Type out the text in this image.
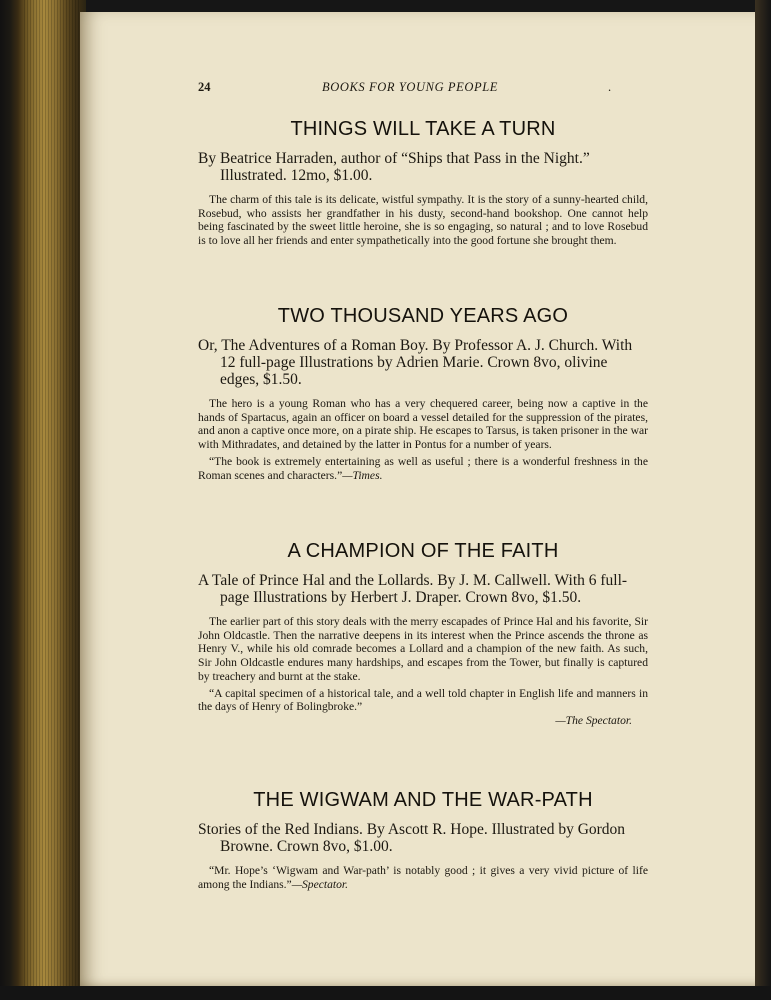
24	BOOKS FOR YOUNG PEOPLE	.
THINGS WILL TAKE A TURN
By Beatrice Harraden, author of “Ships that Pass in the Night.” Illustrated. 12mo, $1.00.

The charm of this tale is its delicate, wistful sympathy. It is the story of a sunny-hearted child, Rosebud, who assists her grandfather in his dusty, second-hand bookshop. One cannot help being fascinated by the sweet little heroine, she is so engaging, so natural ; and to love Rosebud is to love all her friends and enter sympathetically into the good fortune she brought them.

TWO THOUSAND YEARS AGO
Or, The Adventures of a Roman Boy. By Professor A. J. Church. With 12 full-page Illustrations by Adrien Marie. Crown 8vo, olivine edges, $1.50.

The hero is a young Roman who has a very chequered career, being now a captive in the hands of Spartacus, again an officer on board a vessel detailed for the suppression of the pirates, and anon a captive once more, on a pirate ship. He escapes to Tarsus, is taken prisoner in the war with Mithradates, and detained by the latter in Pontus for a number of years.

“The book is extremely entertaining as well as useful ; there is a wonderful freshness in the Roman scenes and characters.”—Times.

A CHAMPION OF THE FAITH
A Tale of Prince Hal and the Lollards. By J. M. Callwell. With 6 full-page Illustrations by Herbert J. Draper. Crown 8vo, $1.50.

The earlier part of this story deals with the merry escapades of Prince Hal and his favorite, Sir John Oldcastle. Then the narrative deepens in its interest when the Prince ascends the throne as Henry V., while his old comrade becomes a Lollard and a champion of the new faith. As such, Sir John Oldcastle endures many hardships, and escapes from the Tower, but finally is captured by treachery and burnt at the stake.

“A capital specimen of a historical tale, and a well told chapter in English life and manners in the days of Henry of Bolingbroke.”

—The Spectator.

THE WIGWAM AND THE WAR-PATH
Stories of the Red Indians. By Ascott R. Hope. Illustrated by Gordon Browne. Crown 8vo, $1.00.

“Mr. Hope’s ‘Wigwam and War-path’ is notably good ; it gives a very vivid picture of life among the Indians.”—Spectator.
